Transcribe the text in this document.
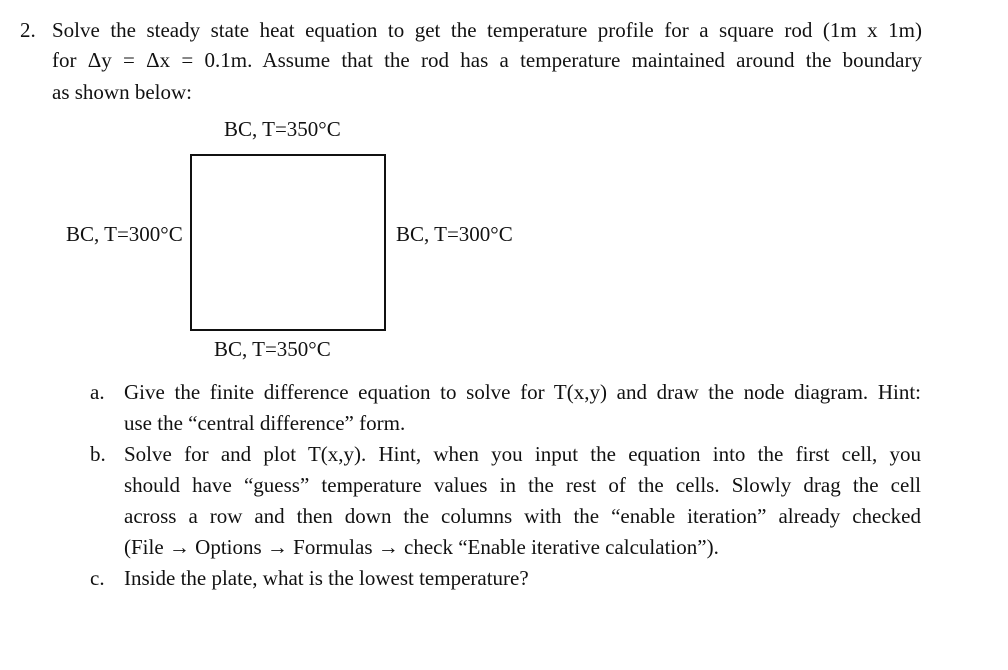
2. Solve the steady state heat equation to get the temperature profile for a square rod (1m x 1m)
for Δy = Δx = 0.1m. Assume that the rod has a temperature maintained around the boundary
as shown below:
BC, T=350°C
BC, T=300°C	BC, T=300°C
BC, T=350°C
a. Give the finite difference equation to solve for T(x,y) and draw the node diagram. Hint:
use the “central difference” form.
b. Solve for and plot T(x,y). Hint, when you input the equation into the first cell, you
should have “guess” temperature values in the rest of the cells. Slowly drag the cell
across a row and then down the columns with the “enable iteration” already checked
(File → Options → Formulas → check “Enable iterative calculation”).
c. Inside the plate, what is the lowest temperature?
